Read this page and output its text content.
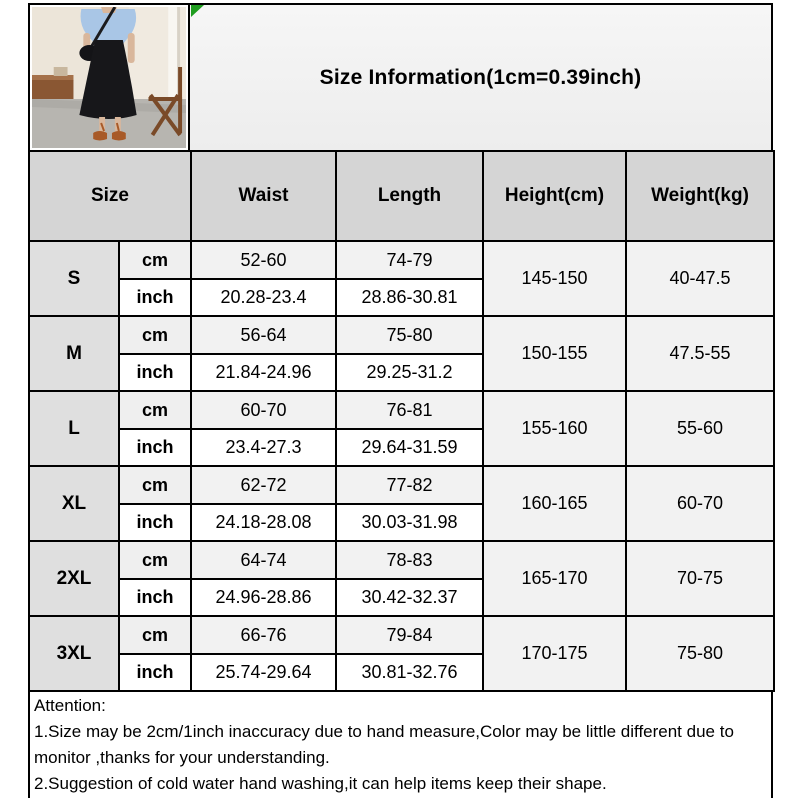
Size Information(1cm=0.39inch)
Size		Waist	Length	Height(cm)	Weight(kg)
S	cm	52-60	74-79	145-150	40-47.5
	inch	20.28-23.4	28.86-30.81		
M	cm	56-64	75-80	150-155	47.5-55
	inch	21.84-24.96	29.25-31.2		
L	cm	60-70	76-81	155-160	55-60
	inch	23.4-27.3	29.64-31.59		
XL	cm	62-72	77-82	160-165	60-70
	inch	24.18-28.08	30.03-31.98		
2XL	cm	64-74	78-83	165-170	70-75
	inch	24.96-28.86	30.42-32.37		
3XL	cm	66-76	79-84	170-175	75-80
	inch	25.74-29.64	30.81-32.76		
Attention:
1.Size may be 2cm/1inch inaccuracy due to hand measure,Color may be little different due to monitor ,thanks for your understanding.
2.Suggestion of cold water hand washing,it can help items keep their shape.
